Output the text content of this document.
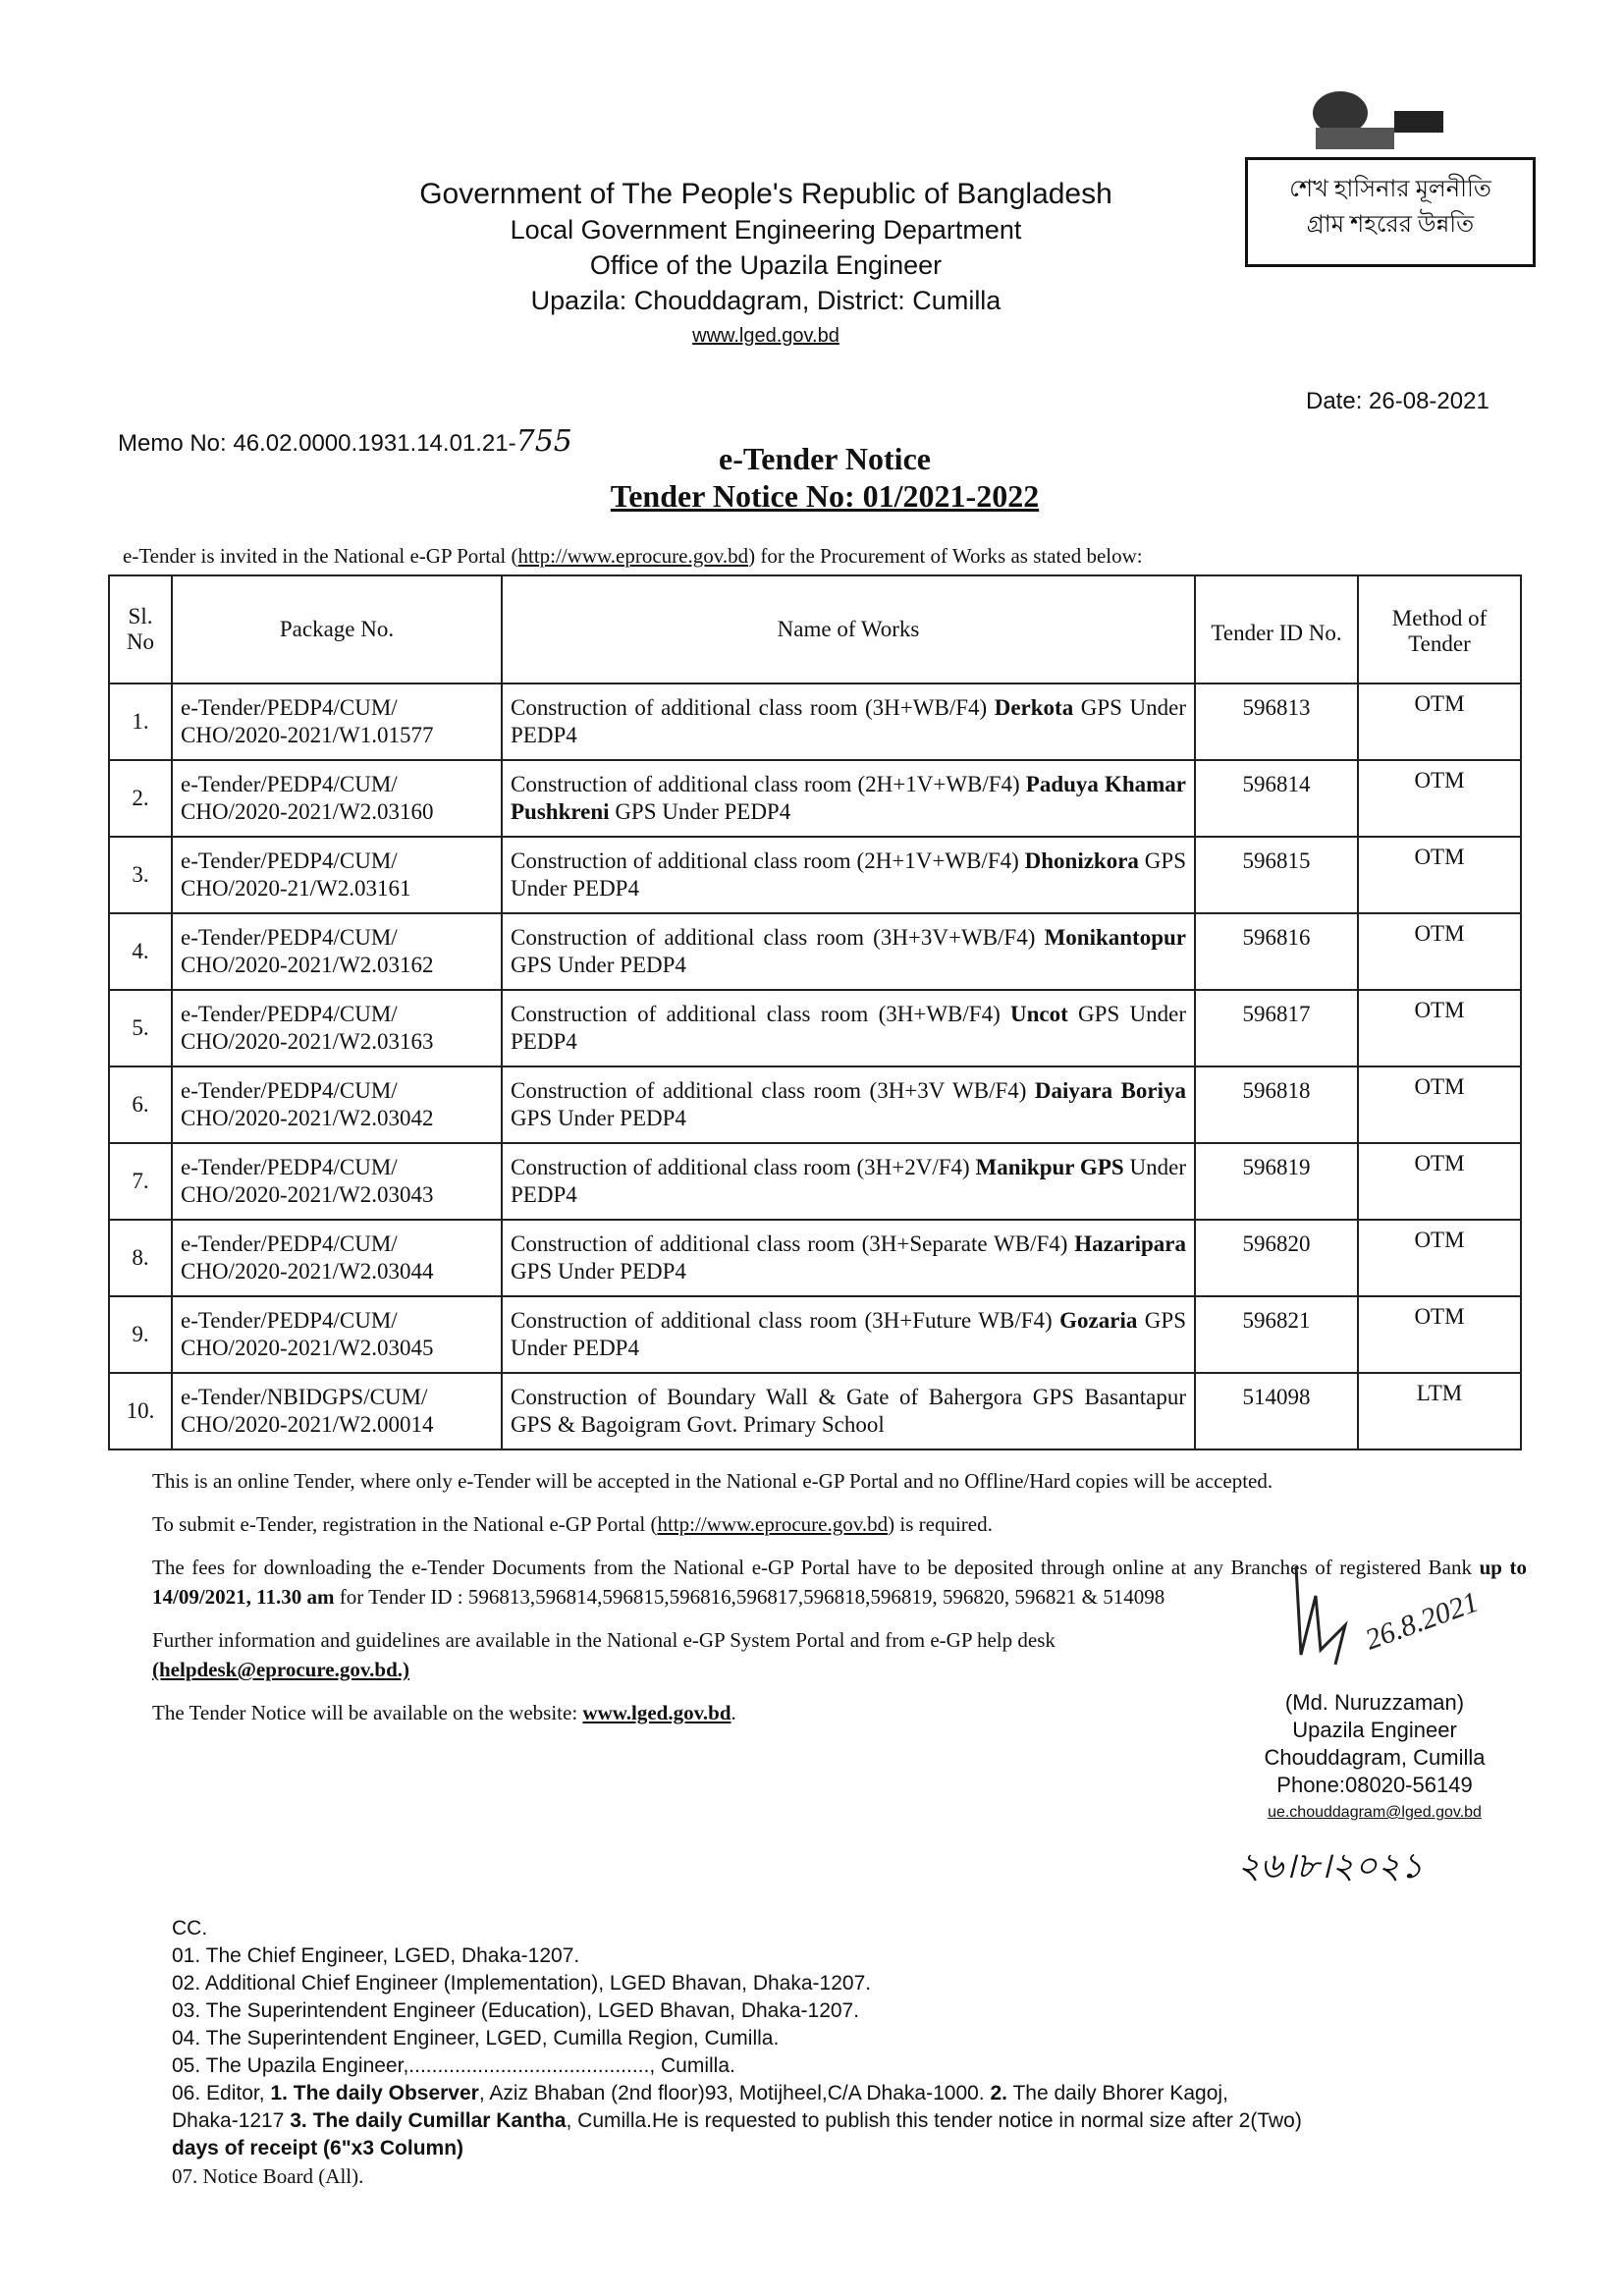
শেখ হাসিনার মূলনীতি
গ্রাম শহরের উন্নতি
Government of The People's Republic of Bangladesh
Local Government Engineering Department
Office of the Upazila Engineer
Upazila: Chouddagram, District: Cumilla
www.lged.gov.bd
Date: 26-08-2021
Memo No: 46.02.0000.1931.14.01.21-755	e-Tender Notice
Tender Notice No: 01/2021-2022
e-Tender is invited in the National e-GP Portal (http://www.eprocure.gov.bd) for the Procurement of Works as stated below:
Sl. No	Package No.	Name of Works	Tender ID No.	Method of Tender
1.	e-Tender/PEDP4/CUM/ CHO/2020-2021/W1.01577	Construction of additional class room (3H+WB/F4) Derkota GPS Under PEDP4	596813	OTM
2.	e-Tender/PEDP4/CUM/ CHO/2020-2021/W2.03160	Construction of additional class room (2H+1V+WB/F4) Paduya Khamar Pushkreni GPS Under PEDP4	596814	OTM
3.	e-Tender/PEDP4/CUM/ CHO/2020-21/W2.03161	Construction of additional class room (2H+1V+WB/F4) Dhonizkora GPS Under PEDP4	596815	OTM
4.	e-Tender/PEDP4/CUM/ CHO/2020-2021/W2.03162	Construction of additional class room (3H+3V+WB/F4) Monikantopur GPS Under PEDP4	596816	OTM
5.	e-Tender/PEDP4/CUM/ CHO/2020-2021/W2.03163	Construction of additional class room (3H+WB/F4) Uncot GPS Under PEDP4	596817	OTM
6.	e-Tender/PEDP4/CUM/ CHO/2020-2021/W2.03042	Construction of additional class room (3H+3V WB/F4) Daiyara Boriya GPS Under PEDP4	596818	OTM
7.	e-Tender/PEDP4/CUM/ CHO/2020-2021/W2.03043	Construction of additional class room (3H+2V/F4) Manikpur GPS Under PEDP4	596819	OTM
8.	e-Tender/PEDP4/CUM/ CHO/2020-2021/W2.03044	Construction of additional class room (3H+Separate WB/F4) Hazaripara GPS Under PEDP4	596820	OTM
9.	e-Tender/PEDP4/CUM/ CHO/2020-2021/W2.03045	Construction of additional class room (3H+Future WB/F4) Gozaria GPS Under PEDP4	596821	OTM
10.	e-Tender/NBIDGPS/CUM/ CHO/2020-2021/W2.00014	Construction of Boundary Wall & Gate of Bahergora GPS Basantapur GPS & Bagoigram Govt. Primary School	514098	LTM

This is an online Tender, where only e-Tender will be accepted in the National e-GP Portal and no Offline/Hard copies will be accepted.

To submit e-Tender, registration in the National e-GP Portal (http://www.eprocure.gov.bd) is required.

The fees for downloading the e-Tender Documents from the National e-GP Portal have to be deposited through online at any Branches of registered Bank up to 14/09/2021, 11.30 am for Tender ID : 596813,596814,596815,596816,596817,596818,596819, 596820, 596821 & 514098

Further information and guidelines are available in the National e-GP System Portal and from e-GP help desk
(helpdesk@eprocure.gov.bd.)

The Tender Notice will be available on the website: www.lged.gov.bd.

26.8.2021
(Md. Nuruzzaman)
Upazila Engineer
Chouddagram, Cumilla
Phone:08020-56149
ue.chouddagram@lged.gov.bd
২৬।৮।২০২১
CC.
01. The Chief Engineer, LGED, Dhaka-1207.
02. Additional Chief Engineer (Implementation), LGED Bhavan, Dhaka-1207.
03. The Superintendent Engineer (Education), LGED Bhavan, Dhaka-1207.
04. The Superintendent Engineer, LGED, Cumilla Region, Cumilla.
05. The Upazila Engineer,.........................................., Cumilla.
06. Editor, 1. The daily Observer, Aziz Bhaban (2nd floor)93, Motijheel,C/A Dhaka-1000. 2. The daily Bhorer Kagoj,
Dhaka-1217 3. The daily Cumillar Kantha, Cumilla.He is requested to publish this tender notice in normal size after 2(Two)
days of receipt (6"x3 Column)
07. Notice Board (All).
